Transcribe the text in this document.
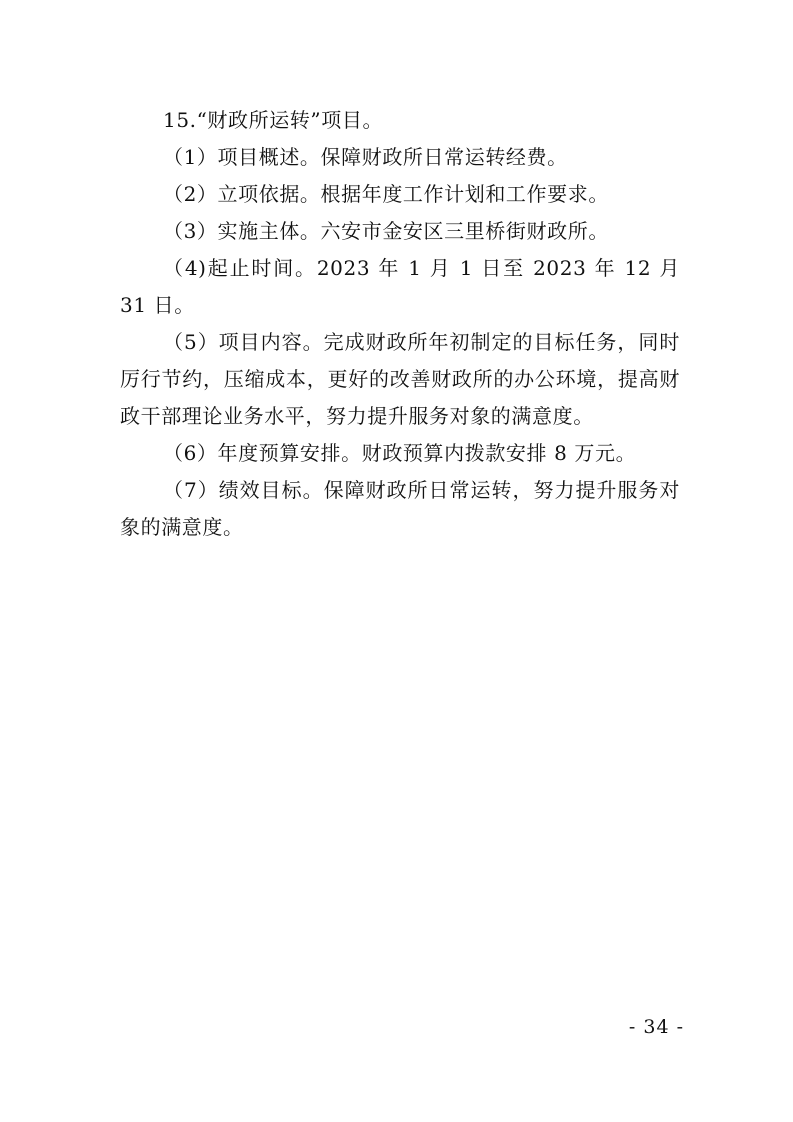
15.“财政所运转”项目。

（1）项目概述。保障财政所日常运转经费。

（2）立项依据。根据年度工作计划和工作要求。

（3）实施主体。六安市金安区三里桥街财政所。

（4)起止时间。2023 年 1 月 1 日至 2023 年 12 月 31 日。

（5）项目内容。完成财政所年初制定的目标任务，同时厉行节约，压缩成本，更好的改善财政所的办公环境，提高财政干部理论业务水平，努力提升服务对象的满意度。

（6）年度预算安排。财政预算内拨款安排 8 万元。

（7）绩效目标。保障财政所日常运转，努力提升服务对象的满意度。

- 34 -
